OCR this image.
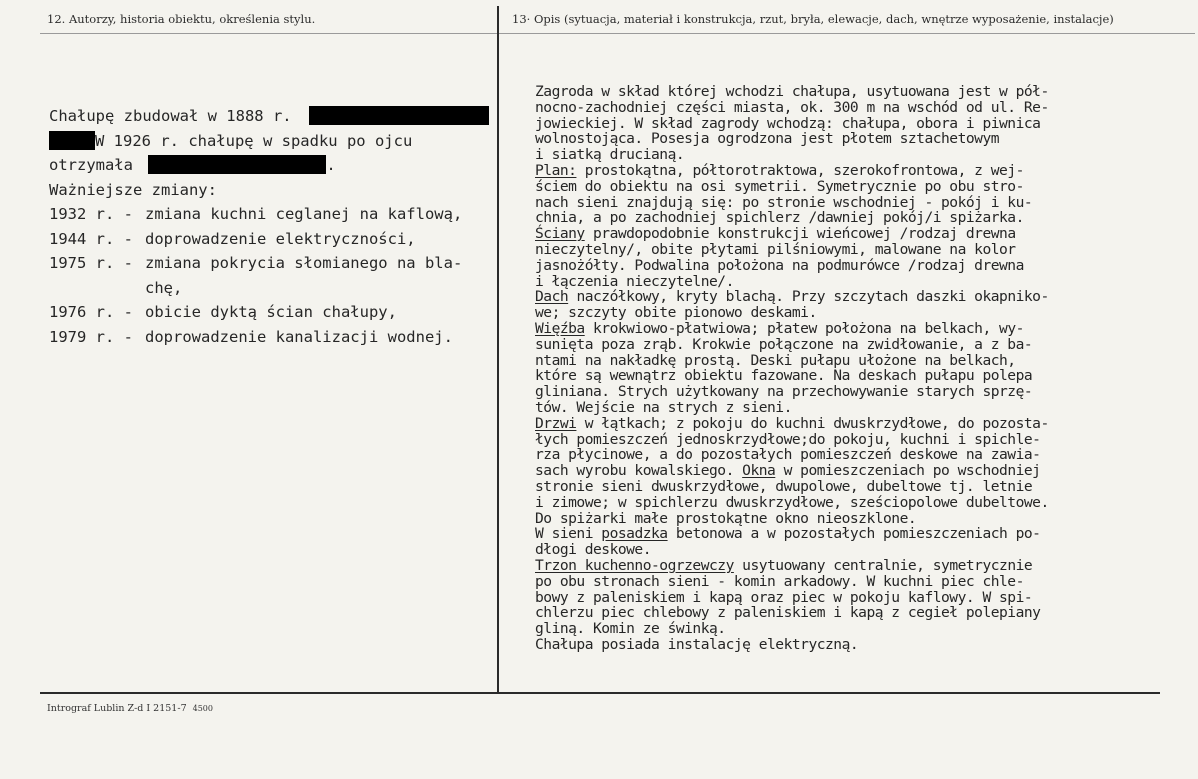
12. Autorzy, historia obiektu, określenia stylu.	13· Opis (sytuacja, materiał i konstrukcja, rzut, bryła, elewacje, dach, wnętrze wyposażenie, instalacje)
Chałupę zbudował w 1888 r.
W 1926 r. chałupę w spadku po ojcu
otrzymała	.
Ważniejsze zmiany:
1932 r. - zmiana kuchni ceglanej na kaflową,
1944 r. - doprowadzenie elektryczności,
1975 r. - zmiana pokrycia słomianego na bla-
chę,
1976 r. - obicie dyktą ścian chałupy,
1979 r. - doprowadzenie kanalizacji wodnej.
Zagroda w skład której wchodzi chałupa, usytuowana jest w pół-
nocno-zachodniej części miasta, ok. 300 m na wschód od ul. Re-
jowieckiej. W skład zagrody wchodzą: chałupa, obora i piwnica
wolnostojąca. Posesja ogrodzona jest płotem sztachetowym
i siatką drucianą.
Plan: prostokątna, półtorotraktowa, szerokofrontowa, z wej-
ściem do obiektu na osi symetrii. Symetrycznie po obu stro-
nach sieni znajdują się: po stronie wschodniej - pokój i ku-
chnia, a po zachodniej spichlerz /dawniej pokój/i spiżarka.
Ściany prawdopodobnie konstrukcji wieńcowej /rodzaj drewna
nieczytelny/, obite płytami pilśniowymi, malowane na kolor
jasnożółty. Podwalina położona na podmurówce /rodzaj drewna
i łączenia nieczytelne/.
Dach naczółkowy, kryty blachą. Przy szczytach daszki okapniko-
we; szczyty obite pionowo deskami.
Więźba krokwiowo-płatwiowa; płatew położona na belkach, wy-
sunięta poza zrąb. Krokwie połączone na zwidłowanie, a z ba-
ntami na nakładkę prostą. Deski pułapu ułożone na belkach,
które są wewnątrz obiektu fazowane. Na deskach pułapu polepa
gliniana. Strych użytkowany na przechowywanie starych sprzę-
tów. Wejście na strych z sieni.
Drzwi w łątkach; z pokoju do kuchni dwuskrzydłowe, do pozosta-
łych pomieszczeń jednoskrzydłowe;do pokoju, kuchni i spichle-
rza płycinowe, a do pozostałych pomieszczeń deskowe na zawia-
sach wyrobu kowalskiego. Okna w pomieszczeniach po wschodniej
stronie sieni dwuskrzydłowe, dwupolowe, dubeltowe tj. letnie
i zimowe; w spichlerzu dwuskrzydłowe, sześciopolowe dubeltowe.
Do spiżarki małe prostokątne okno nieoszklone.
W sieni posadzka betonowa a w pozostałych pomieszczeniach po-
dłogi deskowe.
Trzon kuchenno-ogrzewczy usytuowany centralnie, symetrycznie
po obu stronach sieni - komin arkadowy. W kuchni piec chle-
bowy z paleniskiem i kapą oraz piec w pokoju kaflowy. W spi-
chlerzu piec chlebowy z paleniskiem i kapą z cegieł polepiany
gliną. Komin ze świnką.
Chałupa posiada instalację elektryczną.
Intrograf Lublin Z-d I 2151-7 4500
